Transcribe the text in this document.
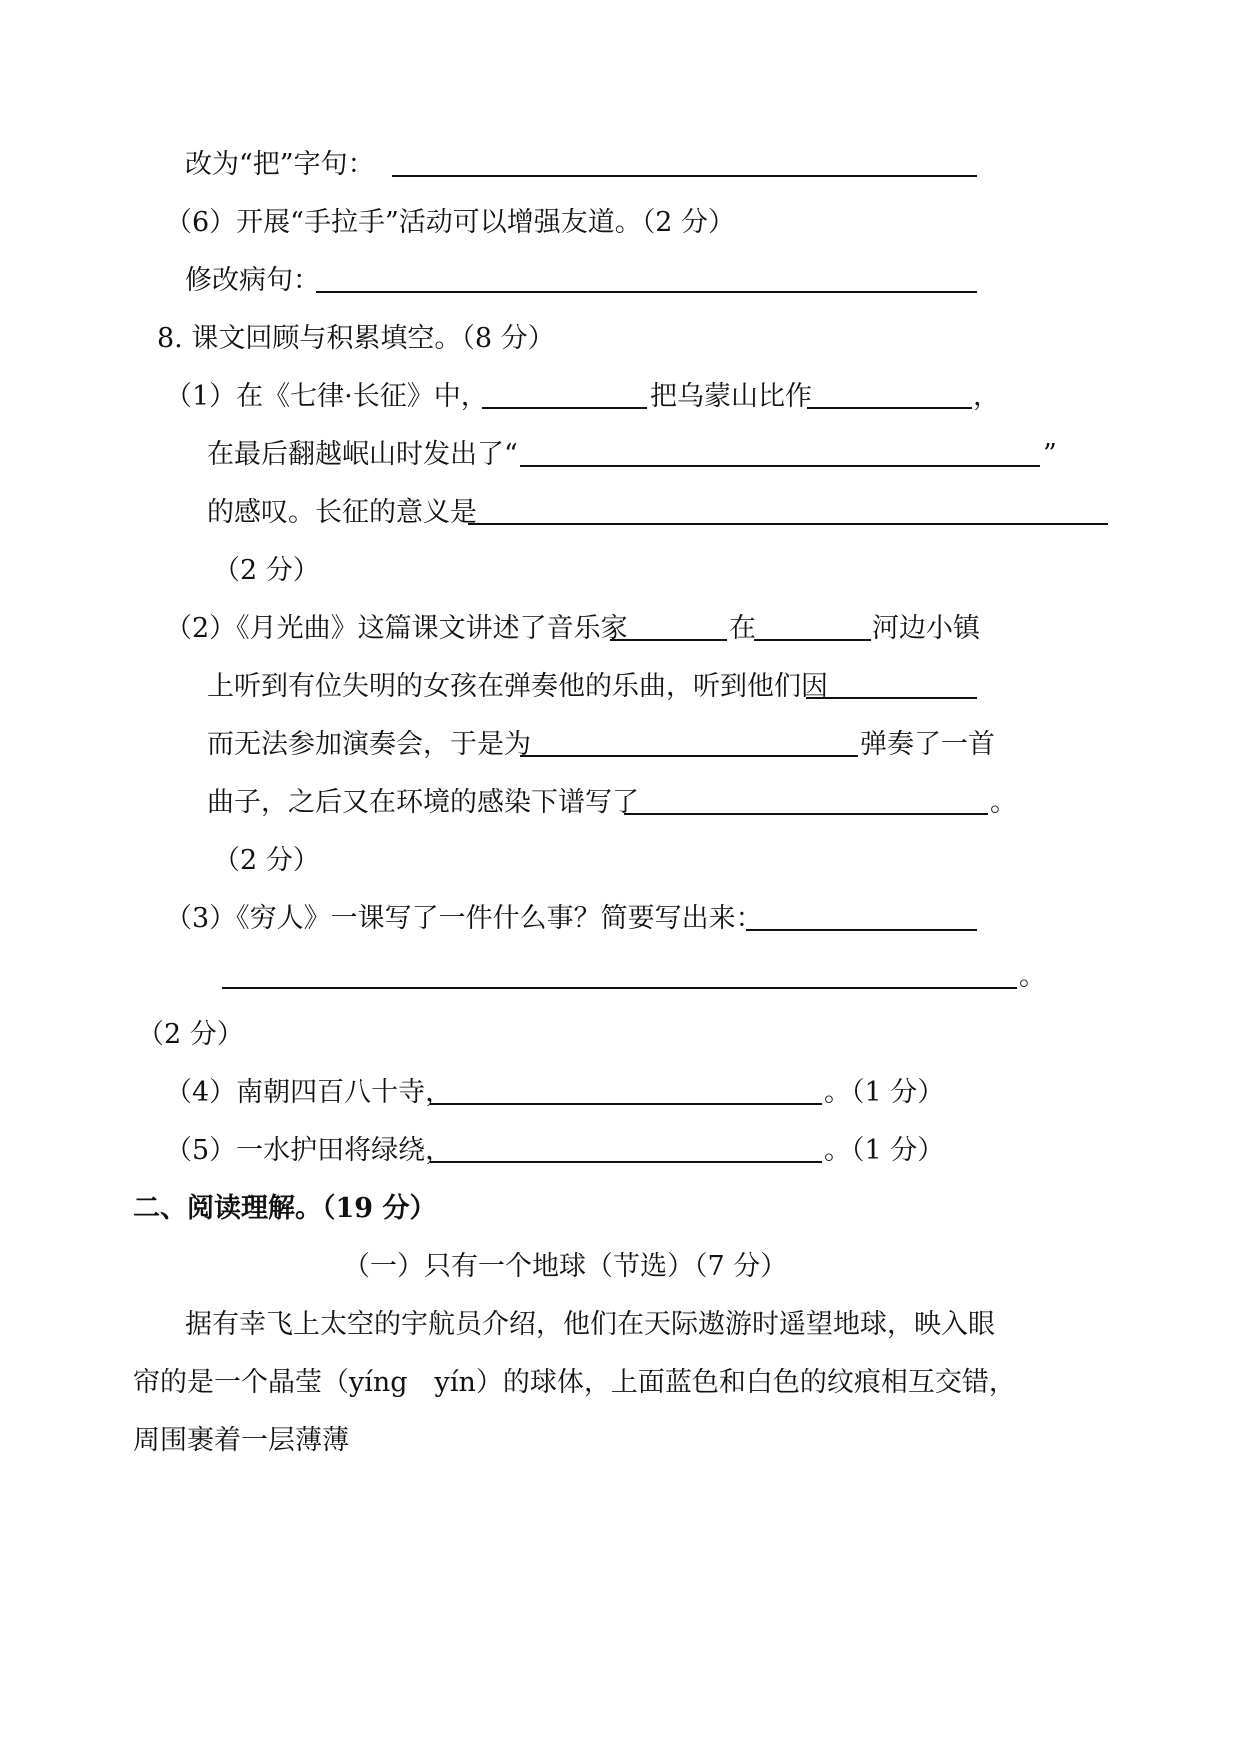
改为“把”字句：
（6）开展“手拉手”活动可以增强友道。（2 分）
修改病句：
8. 课文回顾与积累填空。（8 分）
（1）在《七律·长征》中，	把乌蒙山比作	，
在最后翻越岷山时发出了“	”
的感叹。长征的意义是
（2 分）
（2）《月光曲》这篇课文讲述了音乐家	在	河边小镇
上听到有位失明的女孩在弹奏他的乐曲，听到他们因
而无法参加演奏会，于是为	弹奏了一首
曲子，之后又在环境的感染下谱写了	。
（2 分）
（3）《穷人》一课写了一件什么事？简要写出来：
。
（2 分）
（4）南朝四百八十寺，	。（1 分）
（5）一水护田将绿绕，	。（1 分）
二、阅读理解。（19 分）
（一）只有一个地球（节选）（7 分）
据有幸飞上太空的宇航员介绍，他们在天际遨游时遥望地球，映入眼
帘的是一个晶莹（yíng　yín）的球体，上面蓝色和白色的纹痕相互交错，
周围裹着一层薄薄
